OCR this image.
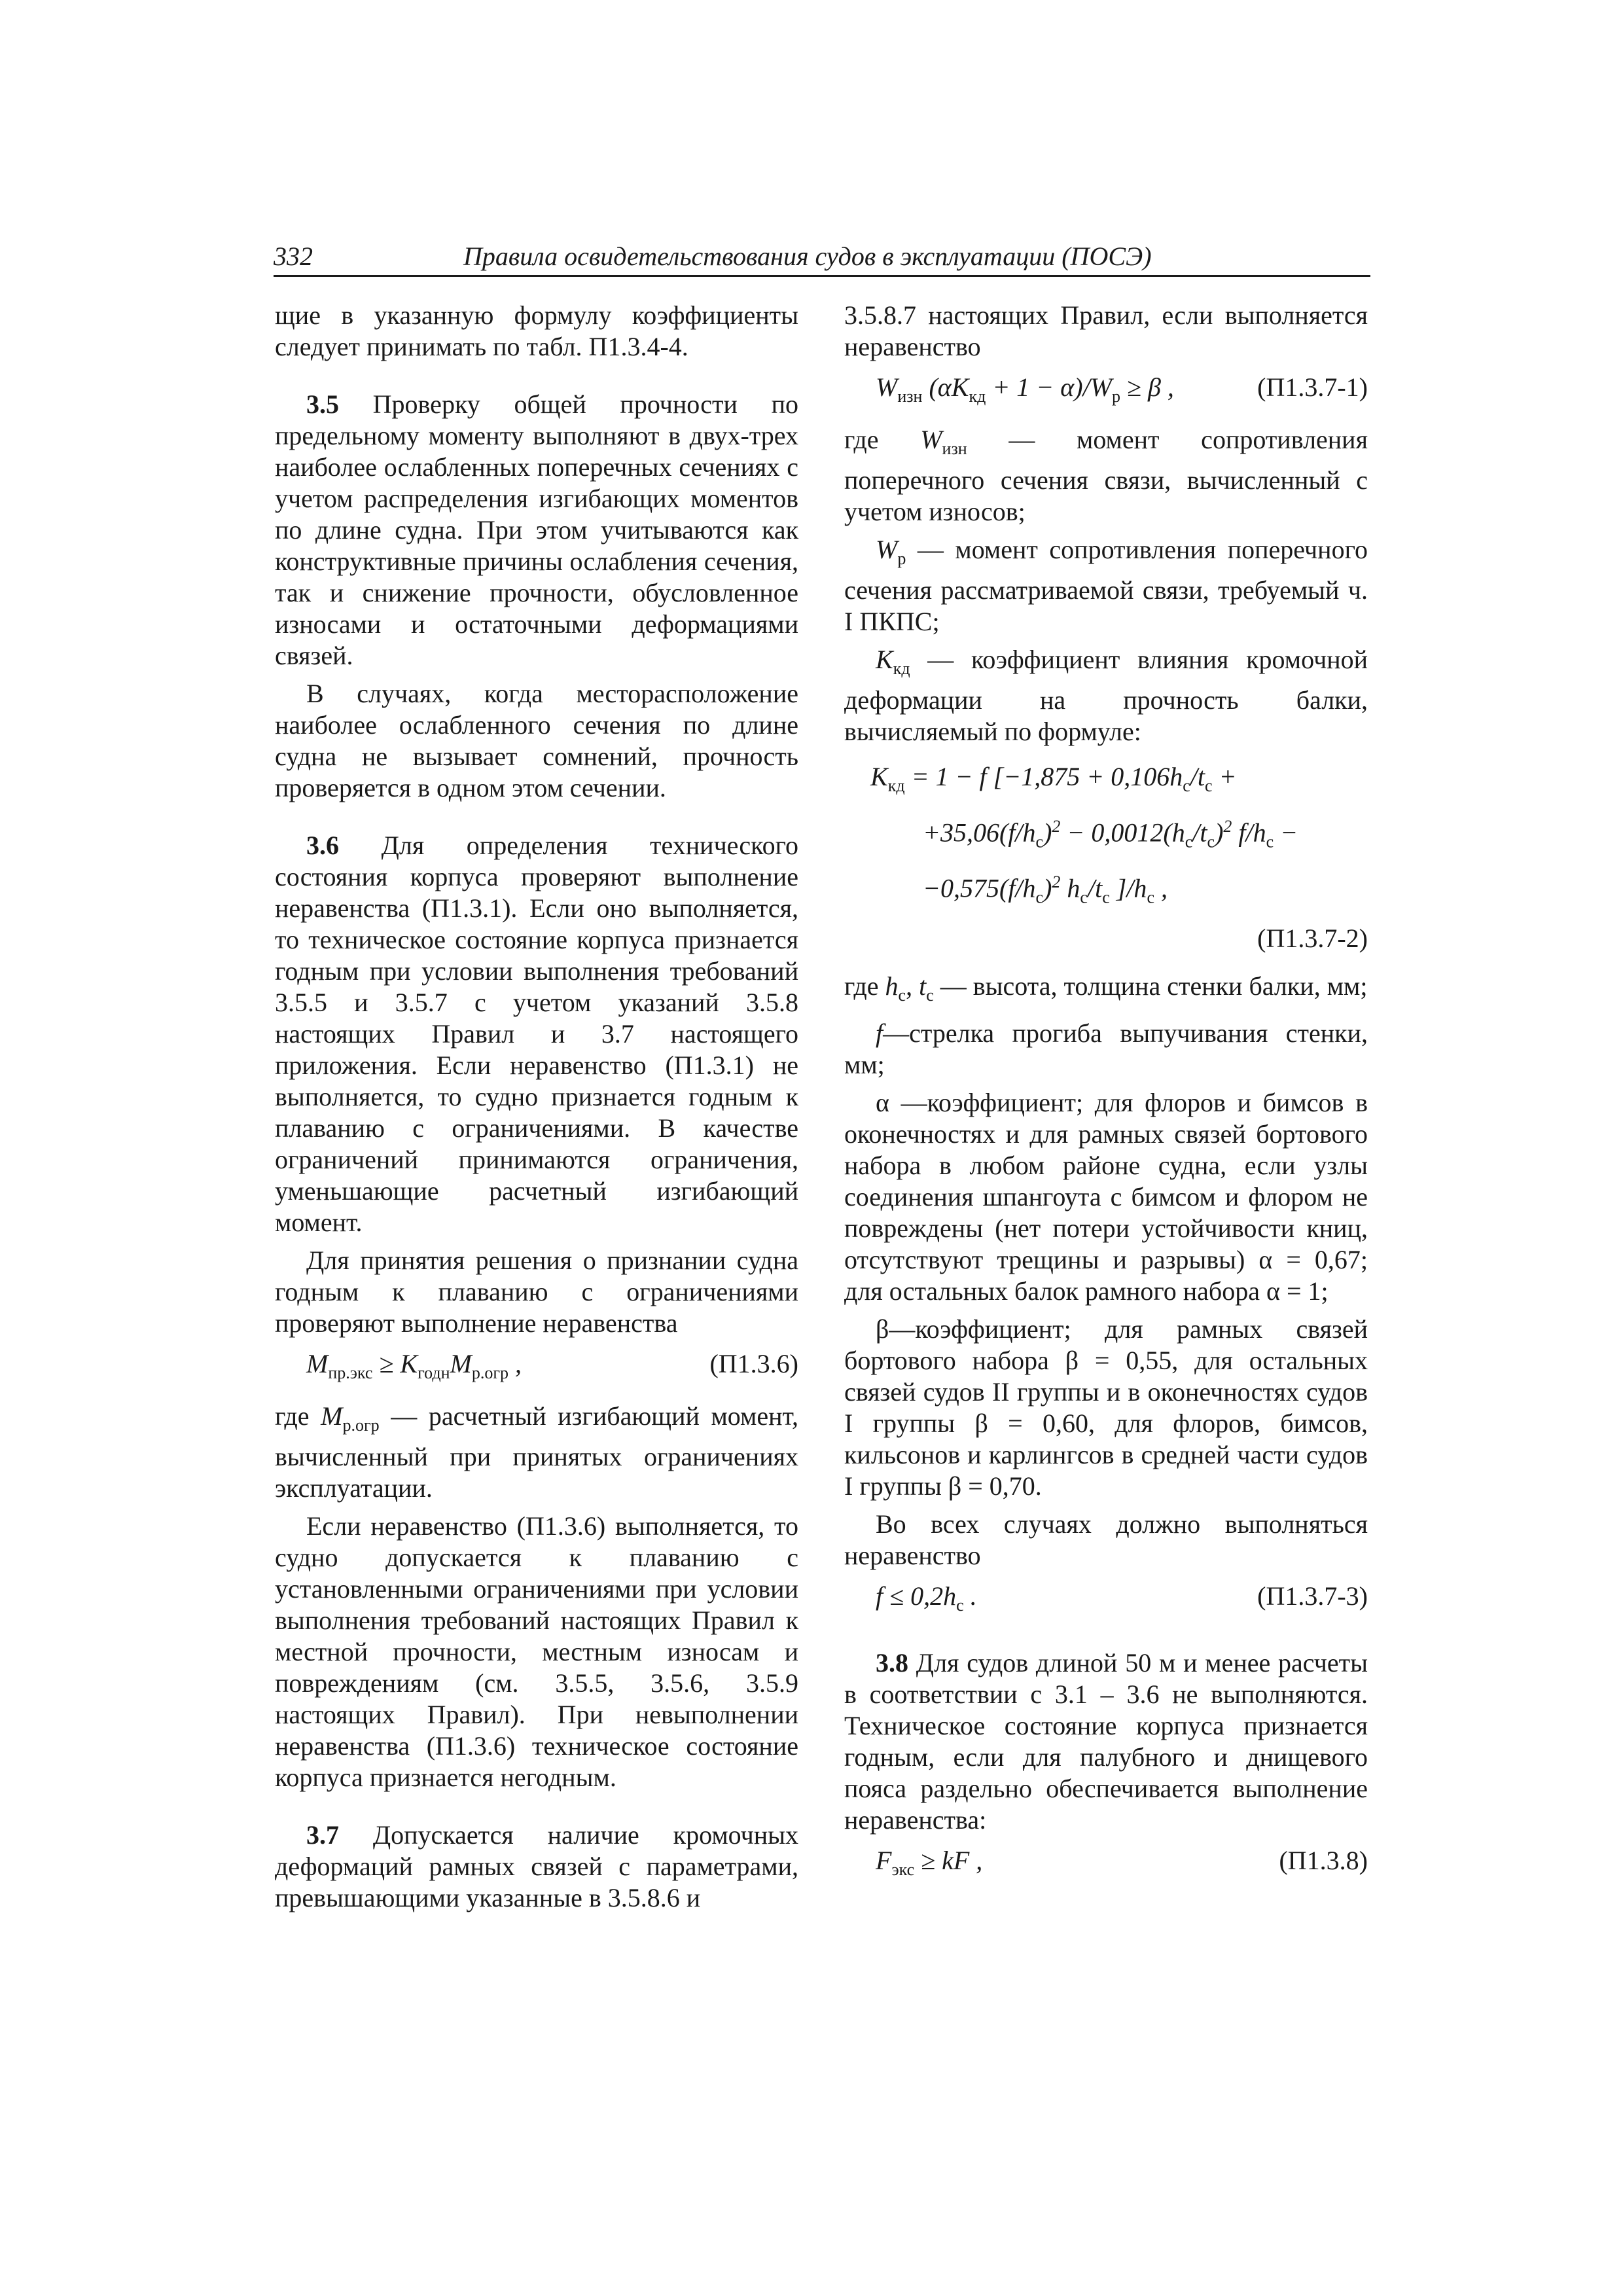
332	Правила освидетельствования судов в эксплуатации (ПОСЭ)

щие в указанную формулу коэффициенты следует принимать по табл. П1.3.4-4.

3.5 Проверку общей прочности по предельному моменту выполняют в двух-трех наиболее ослабленных поперечных сечениях с учетом распределения изгибающих моментов по длине судна. При этом учитываются как конструктивные причины ослабления сечения, так и снижение прочности, обусловленное износами и остаточными деформациями связей.

В случаях, когда месторасположение наиболее ослабленного сечения по длине судна не вызывает сомнений, прочность проверяется в одном этом сечении.

3.6 Для определения технического состояния корпуса проверяют выполнение неравенства (П1.3.1). Если оно выполняется, то техническое состояние корпуса признается годным при условии выполнения требований 3.5.5 и 3.5.7 с учетом указаний 3.5.8 настоящих Правил и 3.7 настоящего приложения. Если неравенство (П1.3.1) не выполняется, то судно признается годным к плаванию с ограничениями. В качестве ограничений принимаются ограничения, уменьшающие расчетный изгибающий момент.

Для принятия решения о признании судна годным к плаванию с ограничениями проверяют выполнение неравенства

$M_{пр.экс} \ge K_{годн}M_{р.огр}$ ,	(П1.3.6)

где $M_{р.огр}$ — расчетный изгибающий момент, вычисленный при принятых ограничениях эксплуатации.

Если неравенство (П1.3.6) выполняется, то судно допускается к плаванию с установленными ограничениями при условии выполнения требований настоящих Правил к местной прочности, местным износам и повреждениям (см. 3.5.5, 3.5.6, 3.5.9 настоящих Правил). При невыполнении неравенства (П1.3.6) техническое состояние корпуса признается негодным.

3.7 Допускается наличие кромочных деформаций рамных связей с параметрами, превышающими указанные в 3.5.8.6 и

3.5.8.7 настоящих Правил, если выполняется неравенство

$W_{изн}$ $(\alpha K_{кд} + 1 - \alpha)/W_р \ge \beta$ ,	(П1.3.7-1)

где $W_{изн}$ — момент сопротивления поперечного сечения связи, вычисленный с учетом износов;

$W_р$ — момент сопротивления поперечного сечения рассматриваемой связи, требуемый ч. I ПКПС;

$K_{кд}$ — коэффициент влияния кромочной деформации на прочность балки, вычисляемый по формуле:

$K_{кд} = 1 - f$ [$-1,875 + 0,106h_с/t_с$ +
$+35,06(f/h_с)^2 - 0,0012(h_с/t_с)^2$ $f/h_с$ −
$-0,575(f/h_с)^2$ $h_с/t_с$ ]$/h_с$ ,
(П1.3.7-2)

где $h_с$, $t_с$ — высота, толщина стенки балки, мм;

f—стрелка прогиба выпучивания стенки, мм;

α —коэффициент; для флоров и бимсов в оконечностях и для рамных связей бортового набора в любом районе судна, если узлы соединения шпангоута с бимсом и флором не повреждены (нет потери устойчивости книц, отсутствуют трещины и разрывы) α = 0,67; для остальных балок рамного набора α = 1;

β—коэффициент; для рамных связей бортового набора β = 0,55, для остальных связей судов II группы и в оконечностях судов I группы β = 0,60, для флоров, бимсов, кильсонов и карлингсов в средней части судов I группы β = 0,70.

Во всех случаях должно выполняться неравенство

$f \le 0,2h_с$ .	(П1.3.7-3)

3.8 Для судов длиной 50 м и менее расчеты в соответствии с 3.1 – 3.6 не выполняются. Техническое состояние корпуса признается годным, если для палубного и днищевого пояса раздельно обеспечивается выполнение неравенства:

$F_{экс}$ ≥ kF ,	(П1.3.8)
